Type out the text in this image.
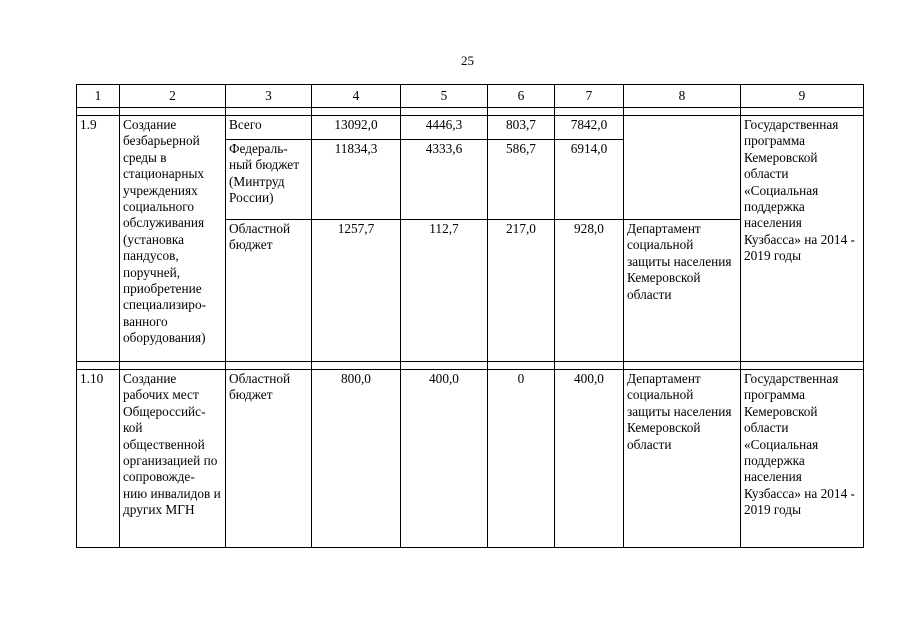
25
1	2	3	4	5	6	7	8	9

1.9	Создание безбарьерной среды в стационарных учреждениях социального обслуживания (установка пандусов, поручней, приобретение специализиро- ванного оборудования)	Всего	13092,0	4446,3	803,7	7842,0		Государственная программа Кемеровской области «Социальная поддержка населения Кузбасса» на 2014 - 2019 годы
		Федераль- ный бюджет (Минтруд России)	11834,3	4333,6	586,7	6914,0		
		Областной бюджет	1257,7	112,7	217,0	928,0	Департамент социальной защиты населения Кемеровской области	

1.10	Создание рабочих мест Общероссийс- кой общественной организацией по сопровожде- нию инвалидов и других МГН	Областной бюджет	800,0	400,0	0	400,0	Департамент социальной защиты населения Кемеровской области	Государственная программа Кемеровской области «Социальная поддержка населения Кузбасса» на 2014 - 2019 годы
